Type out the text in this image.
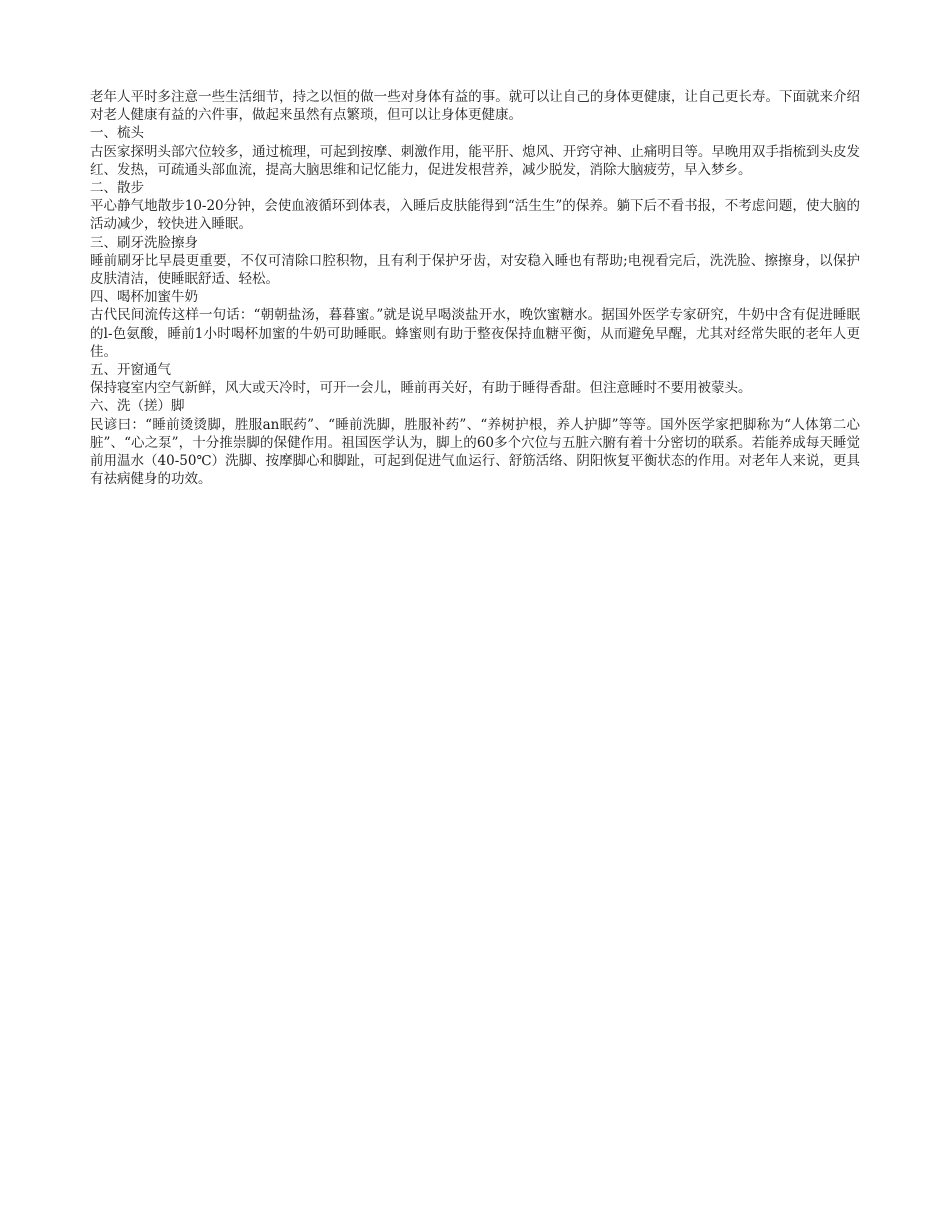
老年人平时多注意一些生活细节，持之以恒的做一些对身体有益的事。就可以让自己的身体更健康，让自己更长寿。下面就来介绍对老人健康有益的六件事，做起来虽然有点繁琐，但可以让身体更健康。

一、梳头

古医家探明头部穴位较多，通过梳理，可起到按摩、刺激作用，能平肝、熄风、开窍守神、止痛明目等。早晚用双手指梳到头皮发红、发热，可疏通头部血流，提高大脑思维和记忆能力，促进发根营养，减少脱发，消除大脑疲劳，早入梦乡。

二、散步

平心静气地散步10-20分钟，会使血液循环到体表，入睡后皮肤能得到“活生生”的保养。躺下后不看书报，不考虑问题，使大脑的活动减少，较快进入睡眠。

三、刷牙洗脸擦身

睡前刷牙比早晨更重要，不仅可清除口腔积物，且有利于保护牙齿，对安稳入睡也有帮助;电视看完后，洗洗脸、擦擦身，以保护皮肤清洁，使睡眠舒适、轻松。

四、喝杯加蜜牛奶

古代民间流传这样一句话：“朝朝盐汤，暮暮蜜。”就是说早喝淡盐开水，晚饮蜜糖水。据国外医学专家研究，牛奶中含有促进睡眠的l-色氨酸，睡前1小时喝杯加蜜的牛奶可助睡眠。蜂蜜则有助于整夜保持血糖平衡，从而避免早醒，尤其对经常失眠的老年人更佳。

五、开窗通气

保持寝室内空气新鲜，风大或天冷时，可开一会儿，睡前再关好，有助于睡得香甜。但注意睡时不要用被蒙头。

六、洗（搓）脚

民谚曰：“睡前烫烫脚，胜服an眠药”、“睡前洗脚，胜服补药”、“养树护根，养人护脚”等等。国外医学家把脚称为“人体第二心脏”、“心之泵”，十分推崇脚的保健作用。祖国医学认为，脚上的60多个穴位与五脏六腑有着十分密切的联系。若能养成每天睡觉前用温水（40-50℃）洗脚、按摩脚心和脚趾，可起到促进气血运行、舒筋活络、阴阳恢复平衡状态的作用。对老年人来说，更具有祛病健身的功效。
